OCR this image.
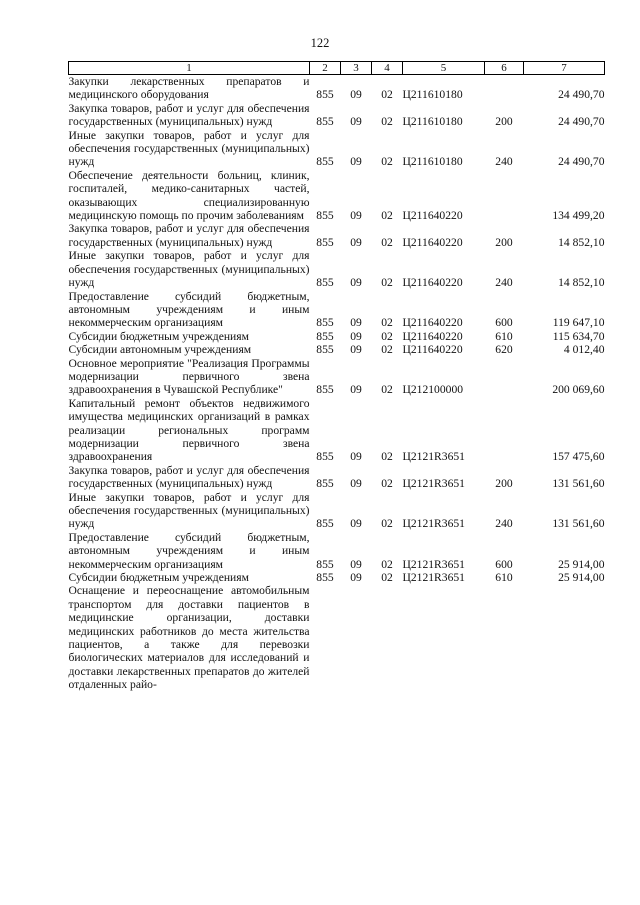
122
1	2	3	4	5	6	7
Закупки лекарственных препаратов и медицинского оборудования	855	09	02	Ц211610180		24 490,70
Закупка товаров, работ и услуг для обеспечения государственных (муниципальных) нужд	855	09	02	Ц211610180	200	24 490,70
Иные закупки товаров, работ и услуг для обеспечения государственных (муниципальных) нужд	855	09	02	Ц211610180	240	24 490,70
Обеспечение деятельности больниц, клиник, госпиталей, медико-санитарных частей, оказывающих специализированную медицинскую помощь по прочим заболеваниям	855	09	02	Ц211640220		134 499,20
Закупка товаров, работ и услуг для обеспечения государственных (муниципальных) нужд	855	09	02	Ц211640220	200	14 852,10
Иные закупки товаров, работ и услуг для обеспечения государственных (муниципальных) нужд	855	09	02	Ц211640220	240	14 852,10
Предоставление субсидий бюджетным, автономным учреждениям и иным некоммерческим организациям	855	09	02	Ц211640220	600	119 647,10
Субсидии бюджетным учреждениям	855	09	02	Ц211640220	610	115 634,70
Субсидии автономным учреждениям	855	09	02	Ц211640220	620	4 012,40
Основное мероприятие "Реализация Программы модернизации первичного звена здравоохранения в Чувашской Республике"	855	09	02	Ц212100000		200 069,60
Капитальный ремонт объектов недвижимого имущества медицинских организаций в рамках реализации региональных программ модернизации первичного звена здравоохранения	855	09	02	Ц2121R3651		157 475,60
Закупка товаров, работ и услуг для обеспечения государственных (муниципальных) нужд	855	09	02	Ц2121R3651	200	131 561,60
Иные закупки товаров, работ и услуг для обеспечения государственных (муниципальных) нужд	855	09	02	Ц2121R3651	240	131 561,60
Предоставление субсидий бюджетным, автономным учреждениям и иным некоммерческим организациям	855	09	02	Ц2121R3651	600	25 914,00
Субсидии бюджетным учреждениям	855	09	02	Ц2121R3651	610	25 914,00
Оснащение и переоснащение автомобильным транспортом для доставки пациентов в медицинские организации, доставки медицинских работников до места жительства пациентов, а также для перевозки биологических материалов для исследований и доставки лекарственных препаратов до жителей отдаленных райо-						
